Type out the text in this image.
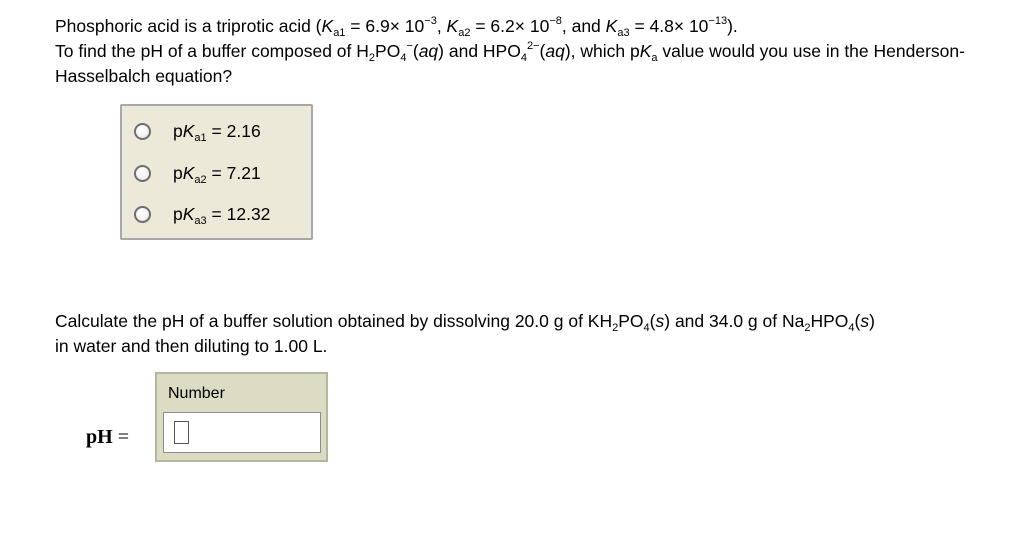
Phosphoric acid is a triprotic acid ($K_{a1} = 6.9\times 10^{-3}$, $K_{a2} = 6.2\times 10^{-8}$, and $K_{a3} = 4.8\times 10^{-13}$).
To find the pH of a buffer composed of $H_2PO_4^-(aq)$ and $HPO_4^{2-}(aq)$, which $pK_a$ value would you use in the Henderson-Hasselbalch equation?
$pK_{a1} = 2.16$
$pK_{a2} = 7.21$
$pK_{a3} = 12.32$
Calculate the pH of a buffer solution obtained by dissolving 20.0 g of $KH_2PO_4(s)$ and 34.0 g of $Na_2HPO_4(s)$
in water and then diluting to 1.00 L.
pH =
Number
